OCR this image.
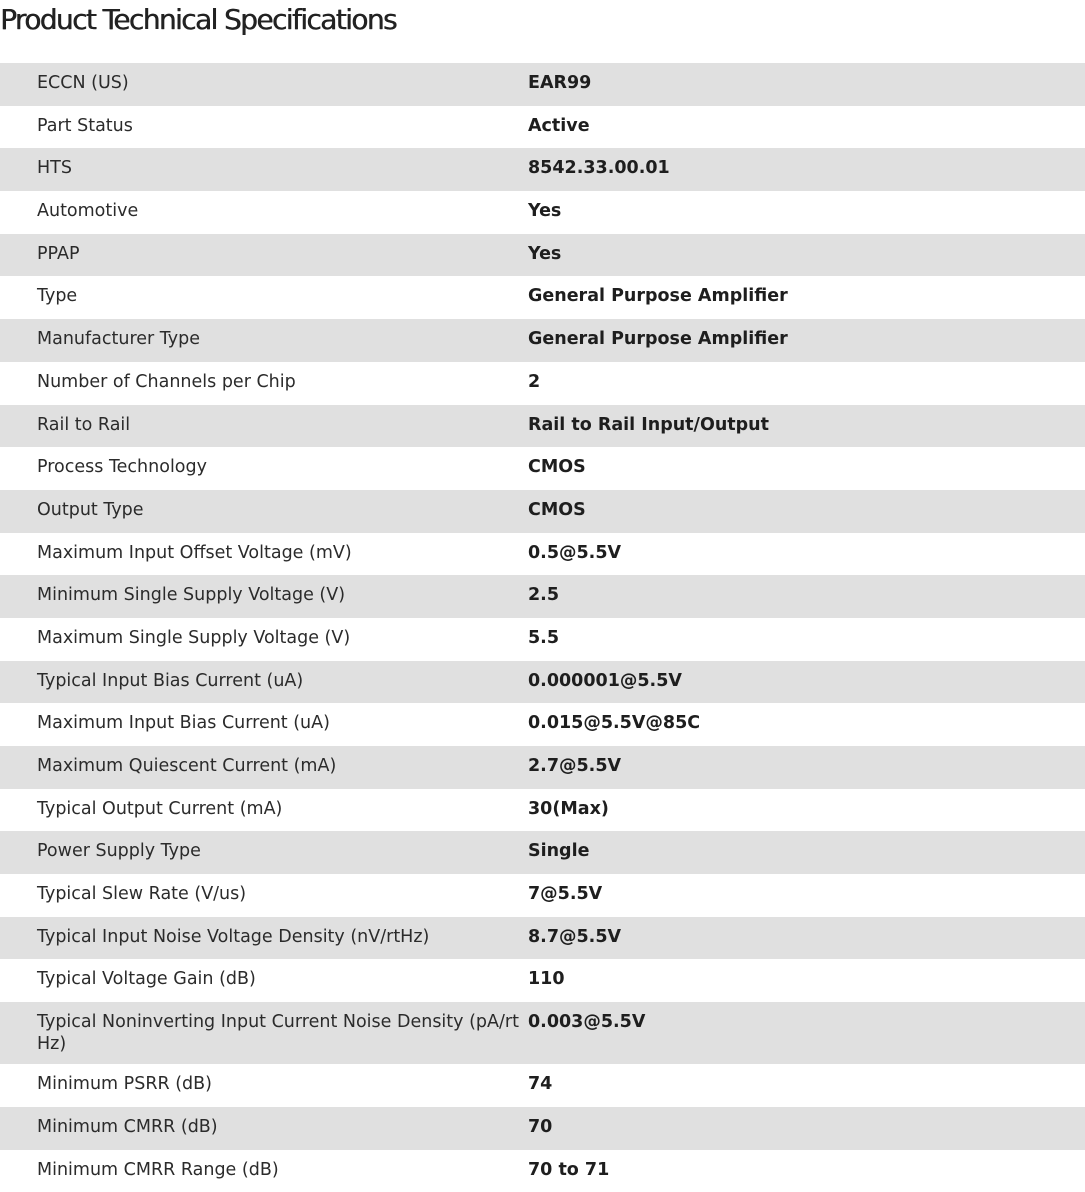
Product Technical Specifications
ECCN (US)	EAR99
Part Status	Active
HTS	8542.33.00.01
Automotive	Yes
PPAP	Yes
Type	General Purpose Amplifier
Manufacturer Type	General Purpose Amplifier
Number of Channels per Chip	2
Rail to Rail	Rail to Rail Input/Output
Process Technology	CMOS
Output Type	CMOS
Maximum Input Offset Voltage (mV)	0.5@5.5V
Minimum Single Supply Voltage (V)	2.5
Maximum Single Supply Voltage (V)	5.5
Typical Input Bias Current (uA)	0.000001@5.5V
Maximum Input Bias Current (uA)	0.015@5.5V@85C
Maximum Quiescent Current (mA)	2.7@5.5V
Typical Output Current (mA)	30(Max)
Power Supply Type	Single
Typical Slew Rate (V/us)	7@5.5V
Typical Input Noise Voltage Density (nV/rtHz)	8.7@5.5V
Typical Voltage Gain (dB)	110

Typical Noninverting Input Current Noise Density (pA/rtHz)	0.003@5.5V
Minimum PSRR (dB)	74
Minimum CMRR (dB)	70
Minimum CMRR Range (dB)	70 to 71
